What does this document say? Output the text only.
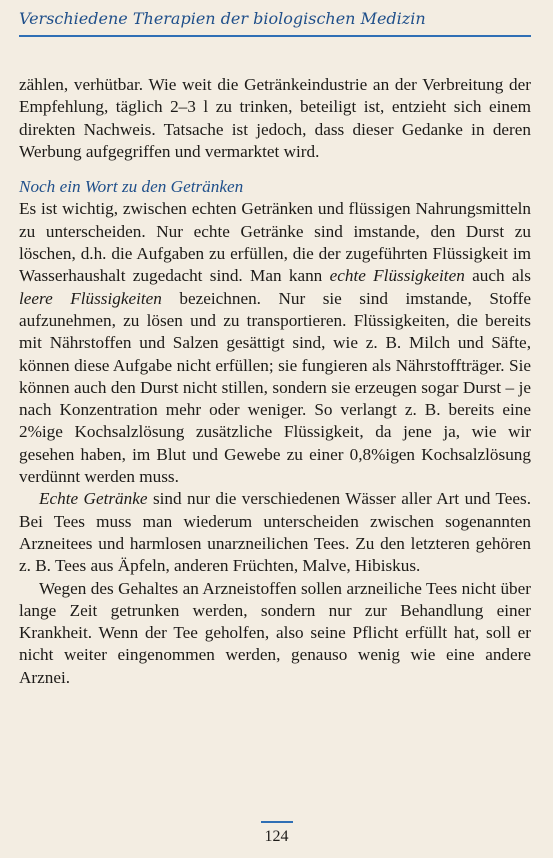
Verschiedene Therapien der biologischen Medizin

zählen, verhütbar. Wie weit die Getränkeindustrie an der Verbreitung der Empfehlung, täglich 2–3 l zu trinken, beteiligt ist, entzieht sich einem direkten Nachweis. Tatsache ist jedoch, dass dieser Gedanke in deren Werbung aufgegriffen und vermarktet wird.

Noch ein Wort zu den Getränken

Es ist wichtig, zwischen echten Getränken und flüssigen Nahrungsmitteln zu unterscheiden. Nur echte Getränke sind imstande, den Durst zu löschen, d.h. die Aufgaben zu erfüllen, die der zugeführten Flüssigkeit im Wasserhaushalt zugedacht sind. Man kann echte Flüssigkeiten auch als leere Flüssigkeiten bezeichnen. Nur sie sind imstande, Stoffe aufzunehmen, zu lösen und zu transportieren. Flüssigkeiten, die bereits mit Nährstoffen und Salzen gesättigt sind, wie z. B. Milch und Säfte, können diese Aufgabe nicht erfüllen; sie fungieren als Nährstoffträger. Sie können auch den Durst nicht stillen, sondern sie erzeugen sogar Durst – je nach Konzentration mehr oder weniger. So verlangt z. B. bereits eine 2%ige Kochsalzlösung zusätzliche Flüssigkeit, da jene ja, wie wir gesehen haben, im Blut und Gewebe zu einer 0,8%igen Kochsalzlösung verdünnt werden muss.

Echte Getränke sind nur die verschiedenen Wässer aller Art und Tees. Bei Tees muss man wiederum unterscheiden zwischen sogenannten Arzneitees und harmlosen unarzneilichen Tees. Zu den letzteren gehören z. B. Tees aus Äpfeln, anderen Früchten, Malve, Hibiskus.

Wegen des Gehaltes an Arzneistoffen sollen arzneiliche Tees nicht über lange Zeit getrunken werden, sondern nur zur Behandlung einer Krankheit. Wenn der Tee geholfen, also seine Pflicht erfüllt hat, soll er nicht weiter eingenommen werden, genauso wenig wie eine andere Arznei.

124
